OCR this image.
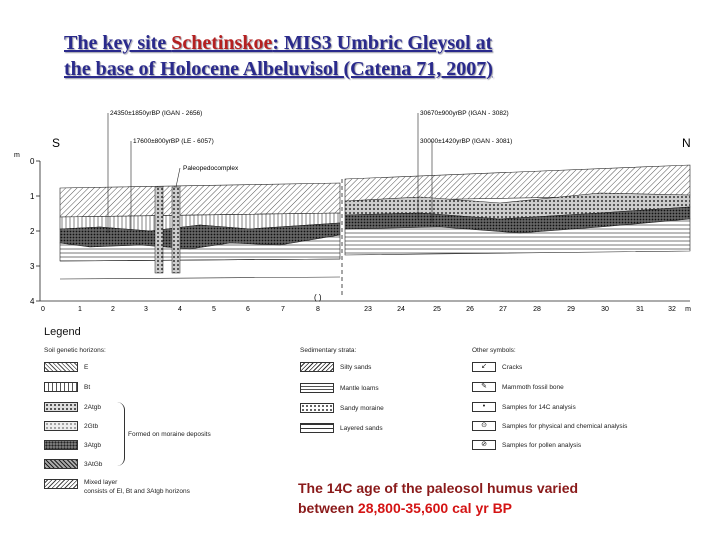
The key site Schetinskoe: MIS3 Umbric Gleysol at
the base of Holocene Albeluvisol (Catena 71, 2007)
m
S	N
0
1
2
3
4
0	1	2	3	4	5	6	7	8	23	24	25	26	27	28	29	30	31	32 m
( )
24350±1850yrBP (IGAN - 2656)
17600±800yrBP (LE - 6057)
30670±900yrBP (IGAN - 3082)
30000±1420yrBP (IGAN - 3081)
Paleopedocomplex
Legend
Soil genetic horizons:
E
Bt
2Atgb
2Gtb
3Atgb
3AtGb
Mixed layer
consists of El, Bt and 3Atgb horizons
Formed on moraine deposits
Sedimentary strata:
Silty sands
Mantle loams
Sandy moraine
Layered sands
Other symbols:
↙	Cracks
✎	Mammoth fossil bone
•	Samples for 14C analysis
⊙	Samples for physical and chemical analysis
⊘	Samples for pollen analysis
The 14C age of the paleosol humus varied
between 28,800-35,600 cal yr BP
